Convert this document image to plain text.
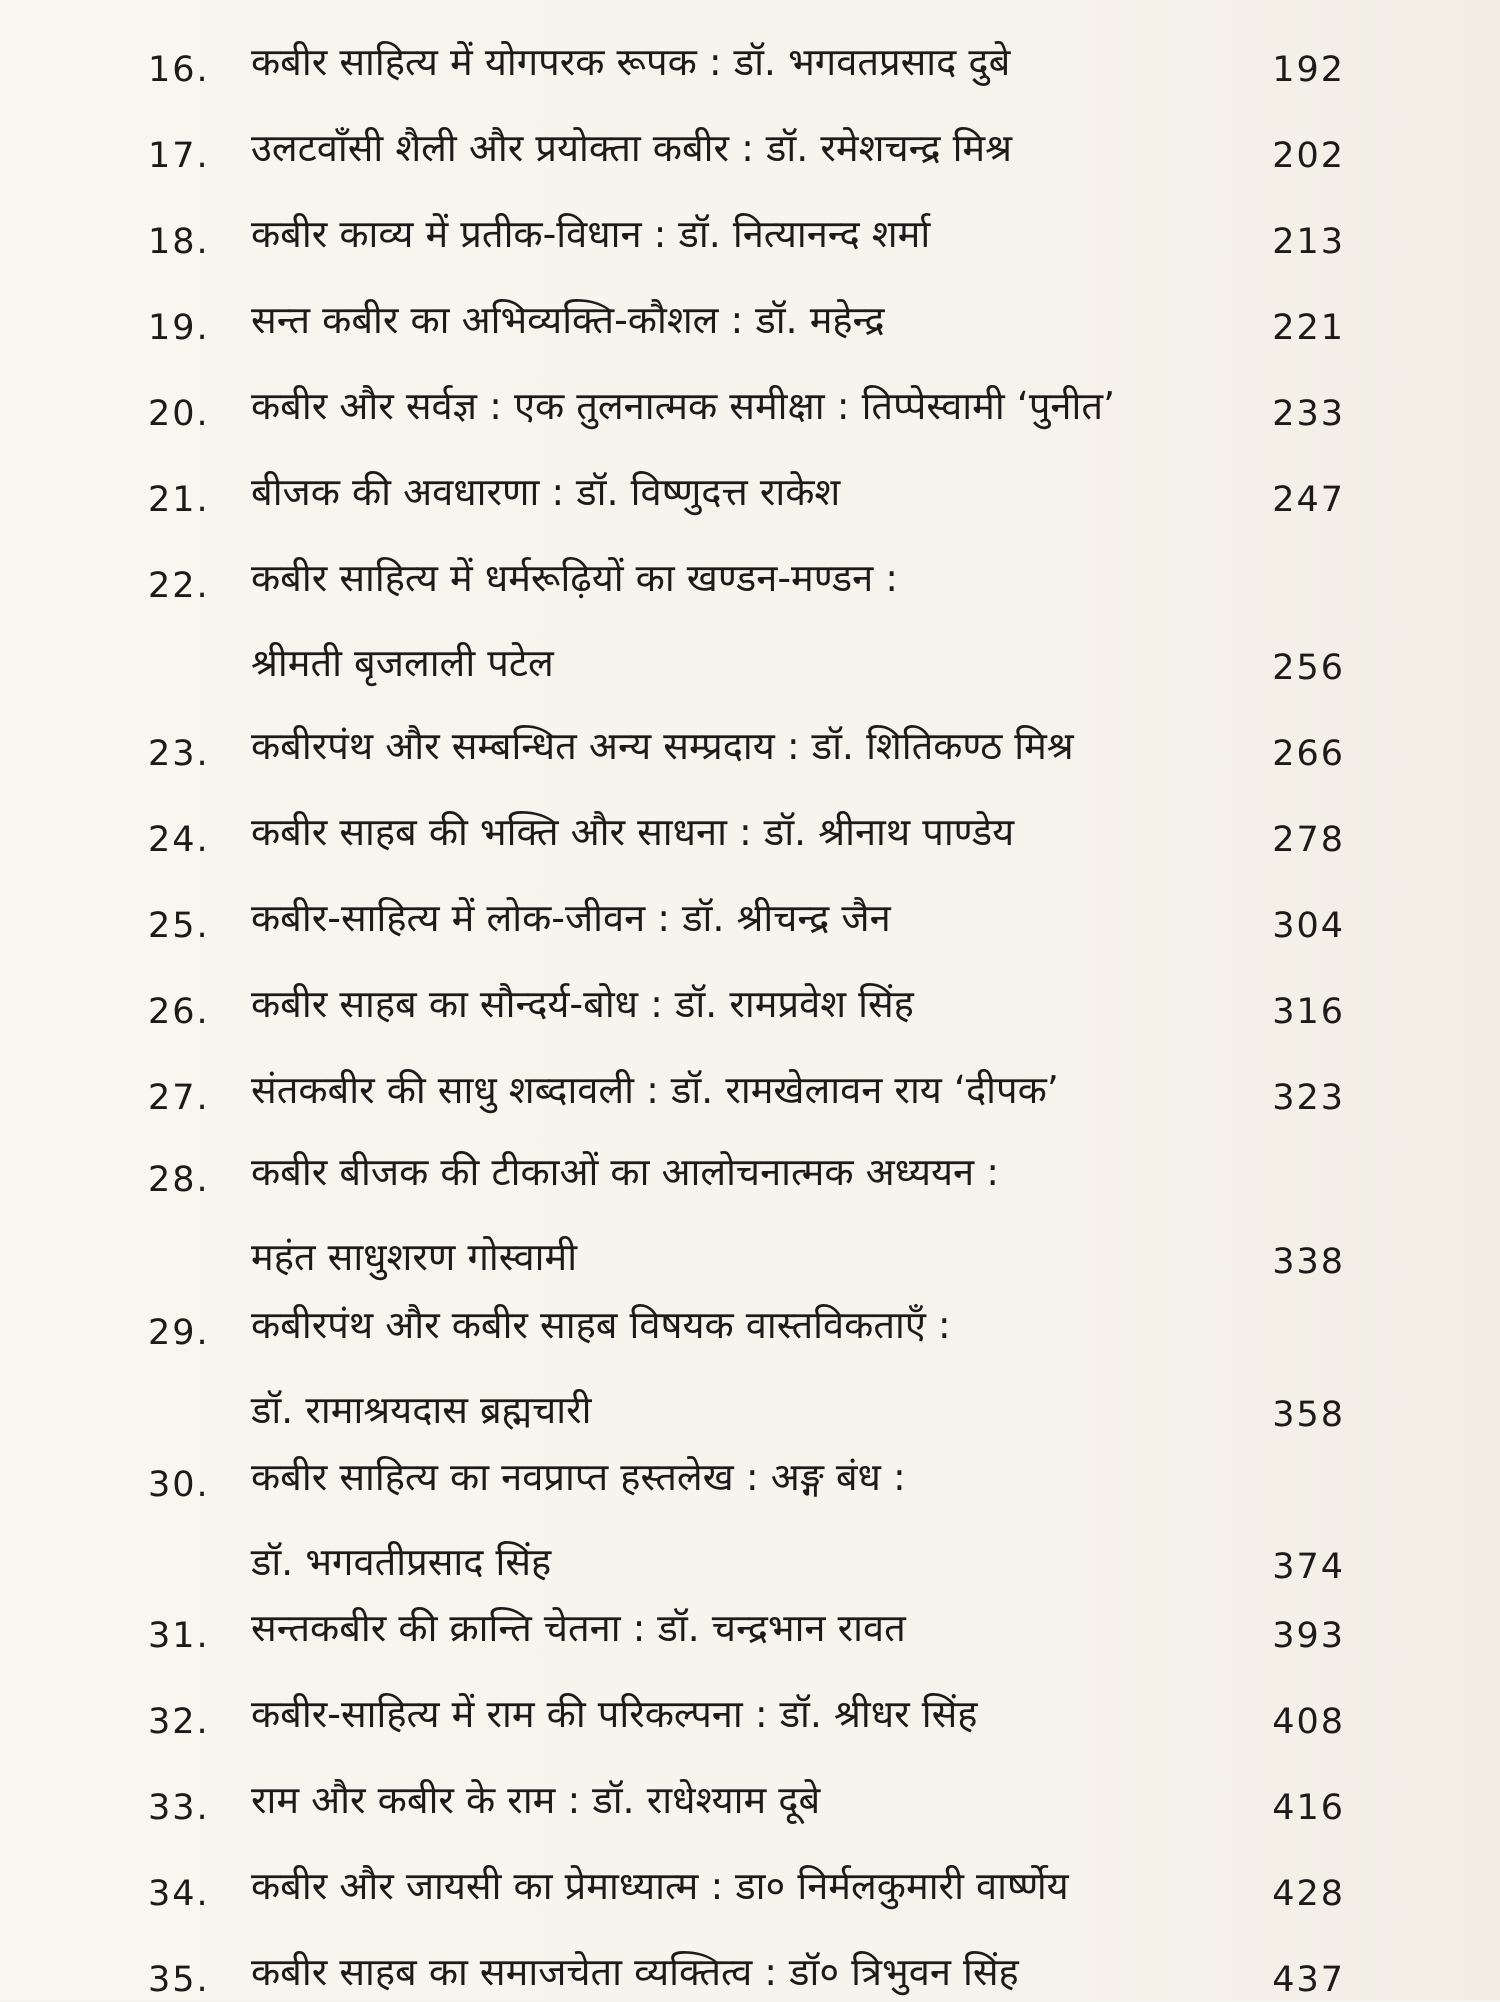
16.	कबीर साहित्य में योगपरक रूपक : डॉ. भगवतप्रसाद दुबे	192
17.	उलटवाँसी शैली और प्रयोक्ता कबीर : डॉ. रमेशचन्द्र मिश्र	202
18.	कबीर काव्य में प्रतीक-विधान : डॉ. नित्यानन्द शर्मा	213
19.	सन्त कबीर का अभिव्यक्ति-कौशल : डॉ. महेन्द्र	221
20.	कबीर और सर्वज्ञ : एक तुलनात्मक समीक्षा : तिप्पेस्वामी ‘पुनीत’	233
21.	बीजक की अवधारणा : डॉ. विष्णुदत्त राकेश	247
22.	कबीर साहित्य में धर्मरूढ़ियों का खण्डन-मण्डन :
श्रीमती बृजलाली पटेल	256
23.	कबीरपंथ और सम्बन्धित अन्य सम्प्रदाय : डॉ. शितिकण्ठ मिश्र	266
24.	कबीर साहब की भक्ति और साधना : डॉ. श्रीनाथ पाण्डेय	278
25.	कबीर-साहित्य में लोक-जीवन : डॉ. श्रीचन्द्र जैन	304
26.	कबीर साहब का सौन्दर्य-बोध : डॉ. रामप्रवेश सिंह	316
27.	संतकबीर की साधु शब्दावली : डॉ. रामखेलावन राय ‘दीपक’	323
28.	कबीर बीजक की टीकाओं का आलोचनात्मक अध्ययन :
महंत साधुशरण गोस्वामी	338
29.	कबीरपंथ और कबीर साहब विषयक वास्तविकताएँ :
डॉ. रामाश्रयदास ब्रह्मचारी	358
30.	कबीर साहित्य का नवप्राप्त हस्तलेख : अङ्ग बंध :
डॉ. भगवतीप्रसाद सिंह	374
31.	सन्तकबीर की क्रान्ति चेतना : डॉ. चन्द्रभान रावत	393
32.	कबीर-साहित्य में राम की परिकल्पना : डॉ. श्रीधर सिंह	408
33.	राम और कबीर के राम : डॉ. राधेश्याम दूबे	416
34.	कबीर और जायसी का प्रेमाध्यात्म : डा० निर्मलकुमारी वार्ष्णेय	428
35.	कबीर साहब का समाजचेता व्यक्तित्व : डॉ० त्रिभुवन सिंह	437
